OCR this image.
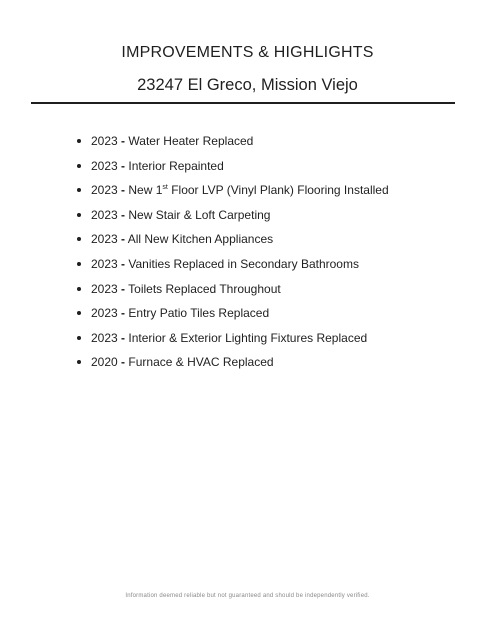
IMPROVEMENTS & HIGHLIGHTS
23247 El Greco, Mission Viejo
2023 - Water Heater Replaced
2023 - Interior Repainted
2023 - New 1st Floor LVP (Vinyl Plank) Flooring Installed
2023 - New Stair & Loft Carpeting
2023 - All New Kitchen Appliances
2023 - Vanities Replaced in Secondary Bathrooms
2023 - Toilets Replaced Throughout
2023 - Entry Patio Tiles Replaced
2023 - Interior & Exterior Lighting Fixtures Replaced
2020 - Furnace & HVAC Replaced
Information deemed reliable but not guaranteed and should be independently verified.
